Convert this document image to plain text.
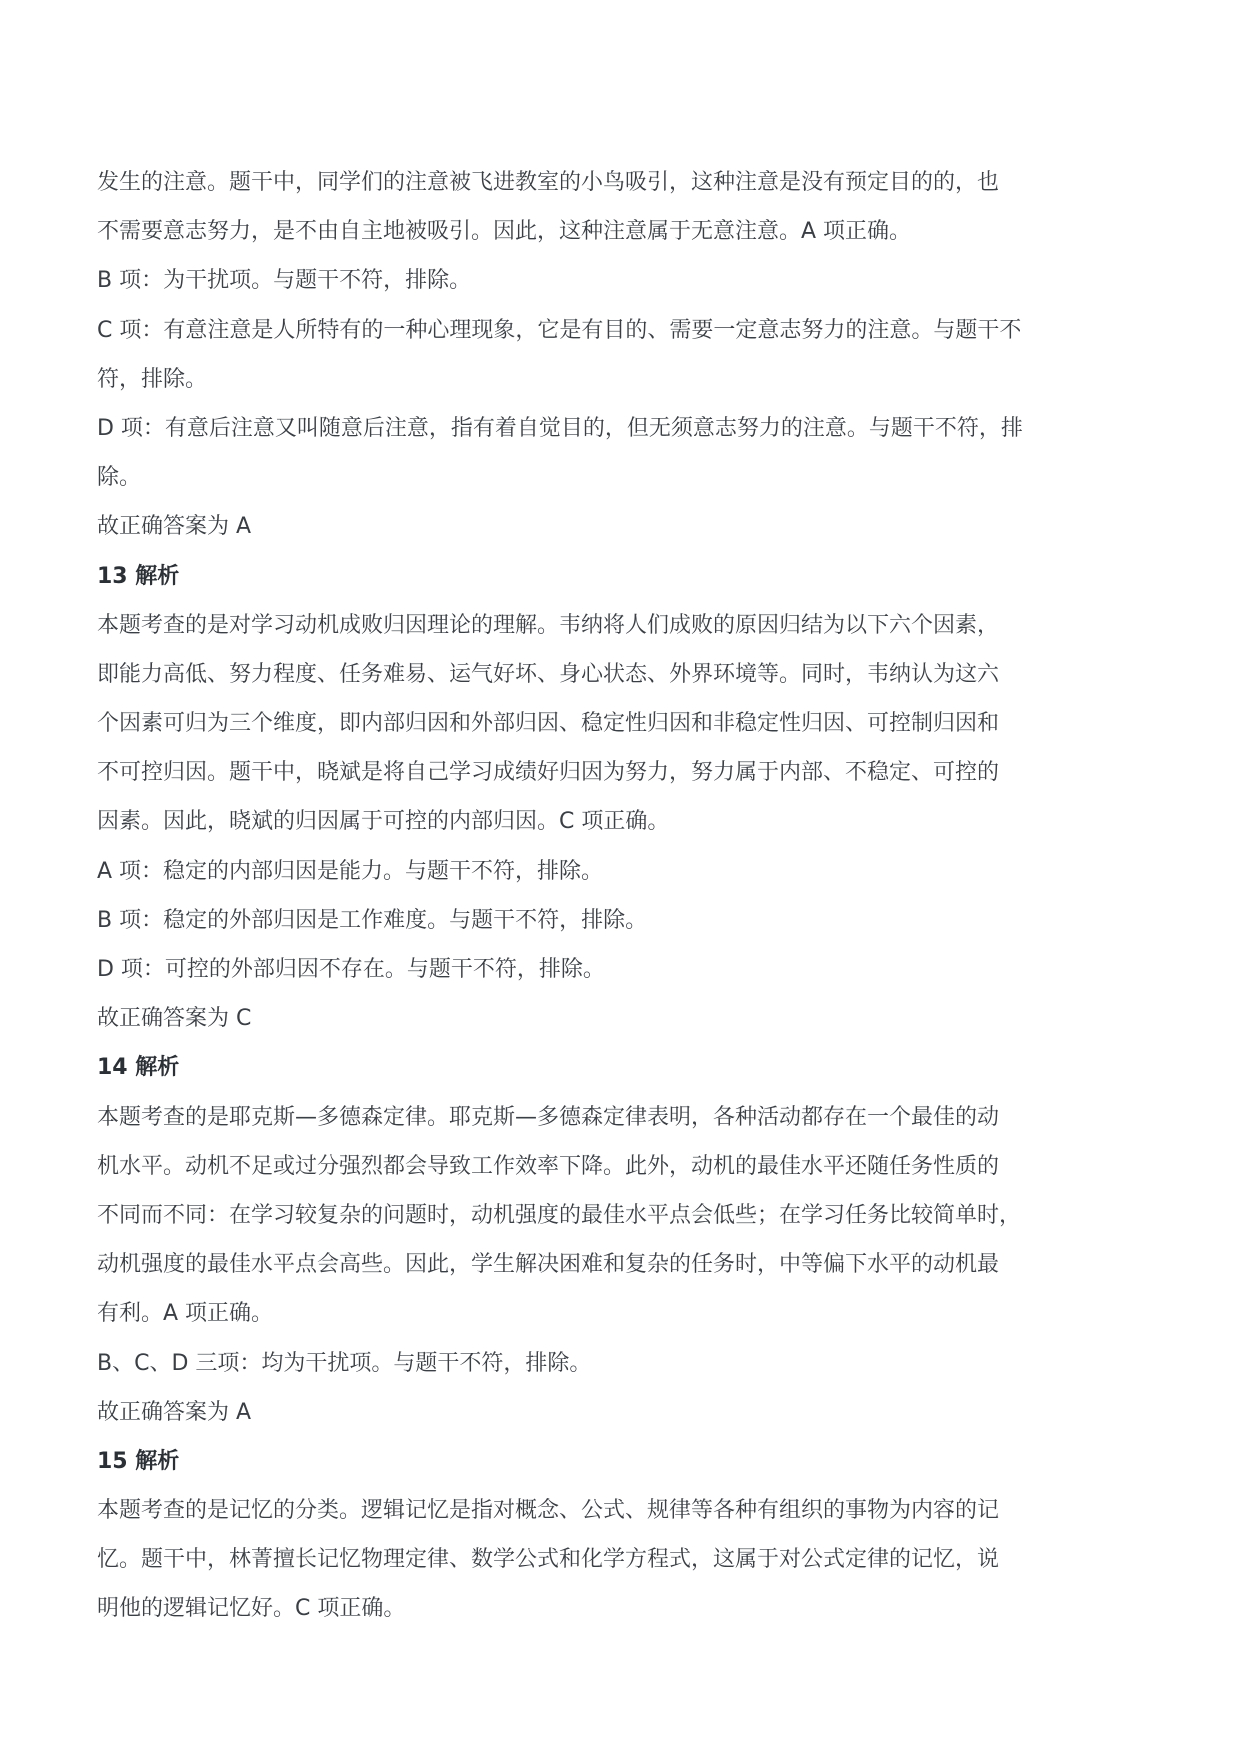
发生的注意。题干中，同学们的注意被飞进教室的小鸟吸引，这种注意是没有预定目的的，也
不需要意志努力，是不由自主地被吸引。因此，这种注意属于无意注意。A 项正确。
B 项：为干扰项。与题干不符，排除。
C 项：有意注意是人所特有的一种心理现象，它是有目的、需要一定意志努力的注意。与题干不
符，排除。
D 项：有意后注意又叫随意后注意，指有着自觉目的，但无须意志努力的注意。与题干不符，排
除。
故正确答案为 A
13 解析
本题考查的是对学习动机成败归因理论的理解。韦纳将人们成败的原因归结为以下六个因素，
即能力高低、努力程度、任务难易、运气好坏、身心状态、外界环境等。同时，韦纳认为这六
个因素可归为三个维度，即内部归因和外部归因、稳定性归因和非稳定性归因、可控制归因和
不可控归因。题干中，晓斌是将自己学习成绩好归因为努力，努力属于内部、不稳定、可控的
因素。因此，晓斌的归因属于可控的内部归因。C 项正确。
A 项：稳定的内部归因是能力。与题干不符，排除。
B 项：稳定的外部归因是工作难度。与题干不符，排除。
D 项：可控的外部归因不存在。与题干不符，排除。
故正确答案为 C
14 解析
本题考查的是耶克斯—多德森定律。耶克斯—多德森定律表明，各种活动都存在一个最佳的动
机水平。动机不足或过分强烈都会导致工作效率下降。此外，动机的最佳水平还随任务性质的
不同而不同：在学习较复杂的问题时，动机强度的最佳水平点会低些；在学习任务比较简单时，
动机强度的最佳水平点会高些。因此，学生解决困难和复杂的任务时，中等偏下水平的动机最
有利。A 项正确。
B、C、D 三项：均为干扰项。与题干不符，排除。
故正确答案为 A
15 解析
本题考查的是记忆的分类。逻辑记忆是指对概念、公式、规律等各种有组织的事物为内容的记
忆。题干中，林菁擅长记忆物理定律、数学公式和化学方程式，这属于对公式定律的记忆，说
明他的逻辑记忆好。C 项正确。
